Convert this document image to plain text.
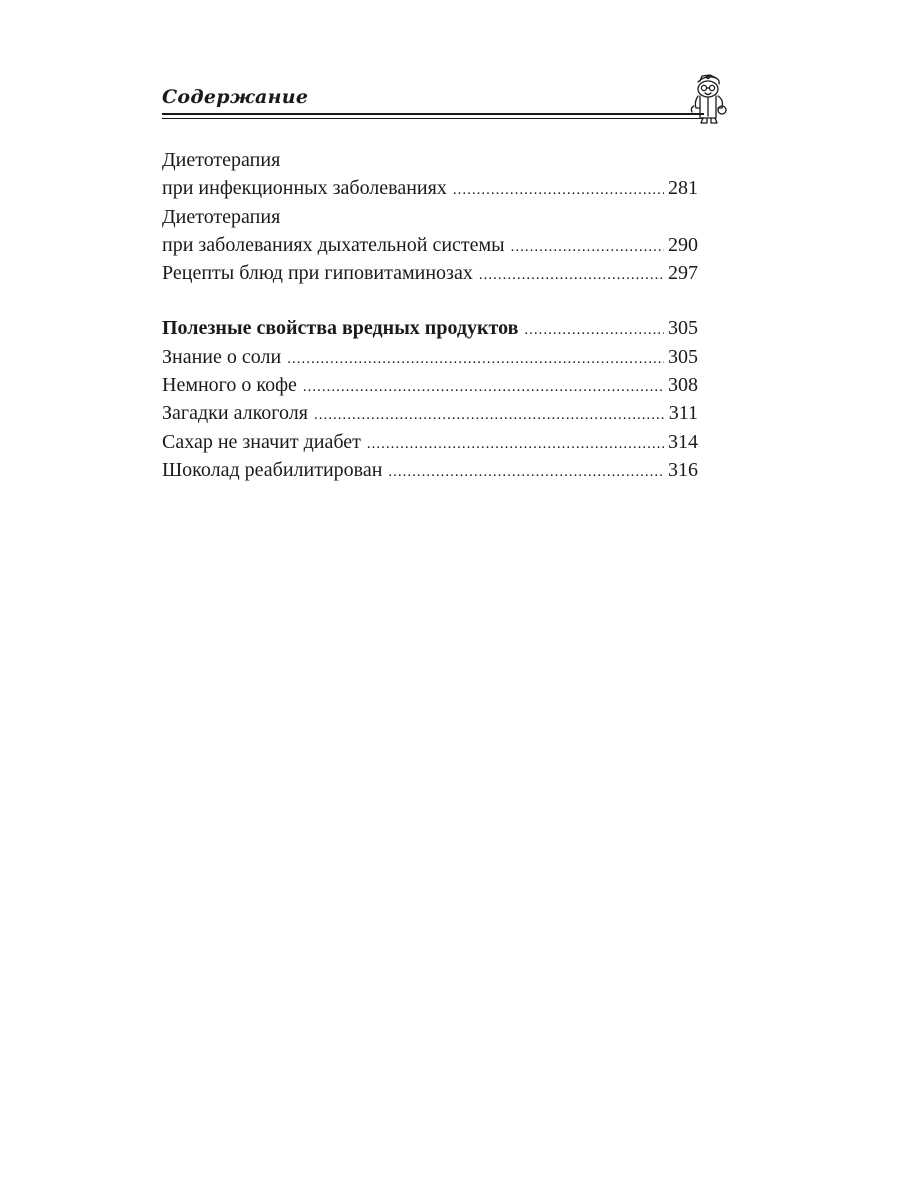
Содержание
Диетотерапия
при инфекционных заболеваниях .....	281
Диетотерапия
при заболеваниях дыхательной системы .....	290
Рецепты блюд при гиповитаминозах .....	297
Полезные свойства вредных продуктов .....	305
Знание о соли .....	305
Немного о кофе .....	308
Загадки алкоголя .....	311
Сахар не значит диабет .....	314
Шоколад реабилитирован .....	316
